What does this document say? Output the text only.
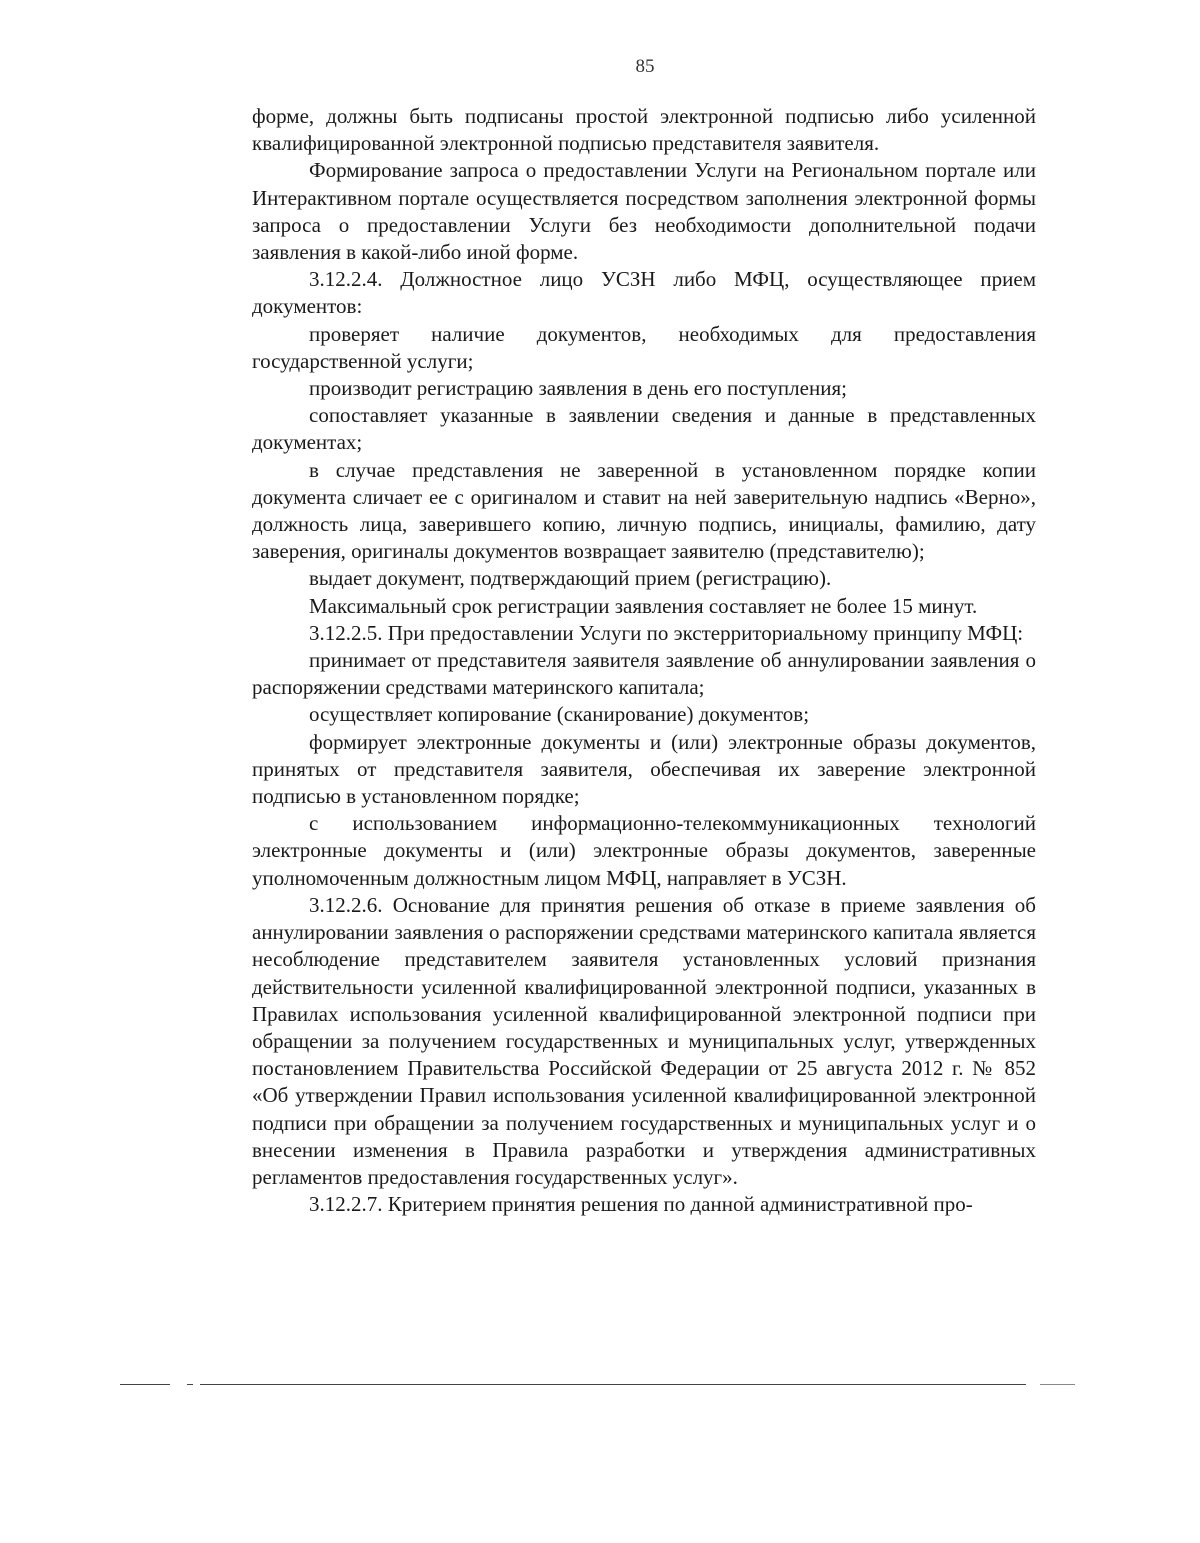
85

форме, должны быть подписаны простой электронной подписью либо усиленной квалифицированной электронной подписью представителя заявителя.

Формирование запроса о предоставлении Услуги на Региональном портале или Интерактивном портале осуществляется посредством заполнения электронной формы запроса о предоставлении Услуги без необходимости дополнительной подачи заявления в какой-либо иной форме.

3.12.2.4. Должностное лицо УСЗН либо МФЦ, осуществляющее прием документов:

проверяет наличие документов, необходимых для предоставления государственной услуги;

производит регистрацию заявления в день его поступления;

сопоставляет указанные в заявлении сведения и данные в представленных документах;

в случае представления не заверенной в установленном порядке копии документа сличает ее с оригиналом и ставит на ней заверительную надпись «Верно», должность лица, заверившего копию, личную подпись, инициалы, фамилию, дату заверения, оригиналы документов возвращает заявителю (представителю);

выдает документ, подтверждающий прием (регистрацию).

Максимальный срок регистрации заявления составляет не более 15 минут.

3.12.2.5. При предоставлении Услуги по экстерриториальному принципу МФЦ:

принимает от представителя заявителя заявление об аннулировании заявления о распоряжении средствами материнского капитала;

осуществляет копирование (сканирование) документов;

формирует электронные документы и (или) электронные образы документов, принятых от представителя заявителя, обеспечивая их заверение электронной подписью в установленном порядке;

с использованием информационно-телекоммуникационных технологий электронные документы и (или) электронные образы документов, заверенные уполномоченным должностным лицом МФЦ, направляет в УСЗН.

3.12.2.6. Основание для принятия решения об отказе в приеме заявления об аннулировании заявления о распоряжении средствами материнского капитала является несоблюдение представителем заявителя установленных условий признания действительности усиленной квалифицированной электронной подписи, указанных в Правилах использования усиленной квалифицированной электронной подписи при обращении за получением государственных и муниципальных услуг, утвержденных постановлением Правительства Российской Федерации от 25 августа 2012 г. № 852 «Об утверждении Правил использования усиленной квалифицированной электронной подписи при обращении за получением государственных и муниципальных услуг и о внесении изменения в Правила разработки и утверждения административных регламентов предоставления государственных услуг».

3.12.2.7. Критерием принятия решения по данной административной про-
